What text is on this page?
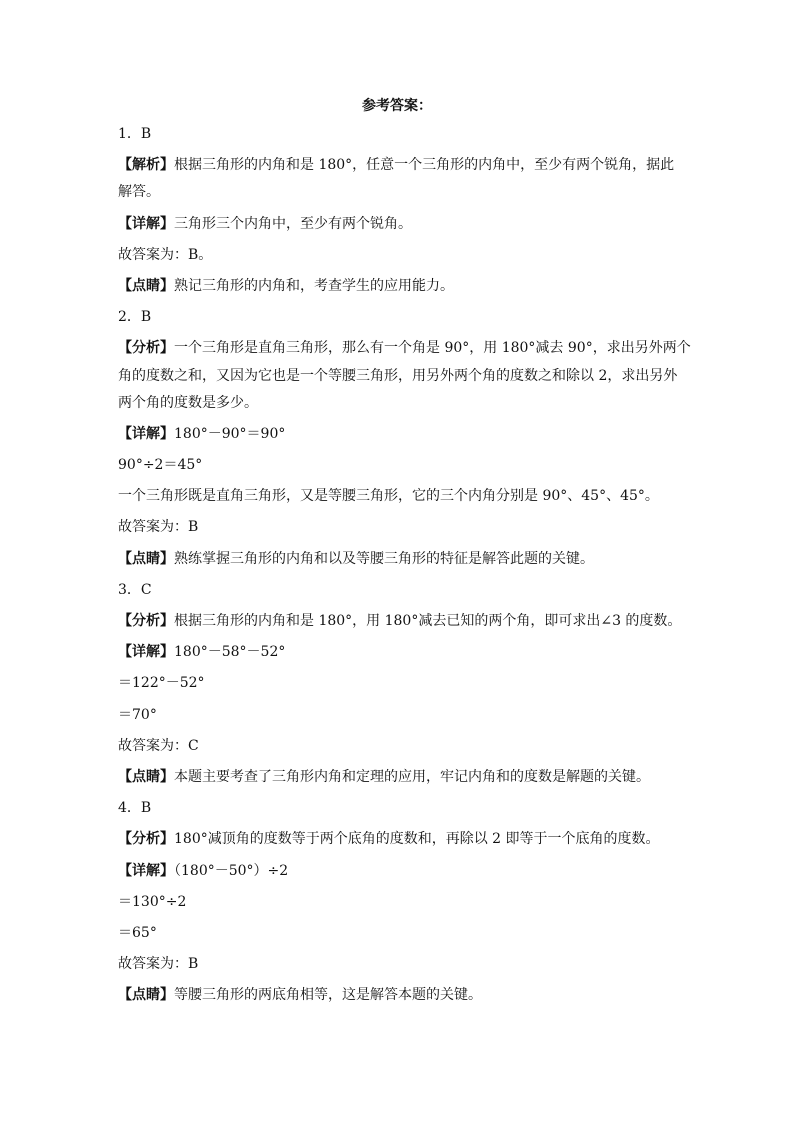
参考答案：
1．B
【解析】根据三角形的内角和是 180°，任意一个三角形的内角中，至少有两个锐角，据此
解答。
【详解】三角形三个内角中，至少有两个锐角。
故答案为：B。
【点睛】熟记三角形的内角和，考查学生的应用能力。
2．B
【分析】一个三角形是直角三角形，那么有一个角是 90°，用 180°减去 90°，求出另外两个
角的度数之和，又因为它也是一个等腰三角形，用另外两个角的度数之和除以 2，求出另外
两个角的度数是多少。
【详解】180°－90°＝90°
90°÷2＝45°
一个三角形既是直角三角形，又是等腰三角形，它的三个内角分别是 90°、45°、45°。
故答案为：B
【点睛】熟练掌握三角形的内角和以及等腰三角形的特征是解答此题的关键。
3．C
【分析】根据三角形的内角和是 180°，用 180°减去已知的两个角，即可求出∠3 的度数。
【详解】180°－58°－52°
＝122°－52°
＝70°
故答案为：C
【点睛】本题主要考查了三角形内角和定理的应用，牢记内角和的度数是解题的关键。
4．B
【分析】180°减顶角的度数等于两个底角的度数和，再除以 2 即等于一个底角的度数。
【详解】（180°－50°）÷2
＝130°÷2
＝65°
故答案为：B
【点睛】等腰三角形的两底角相等，这是解答本题的关键。
